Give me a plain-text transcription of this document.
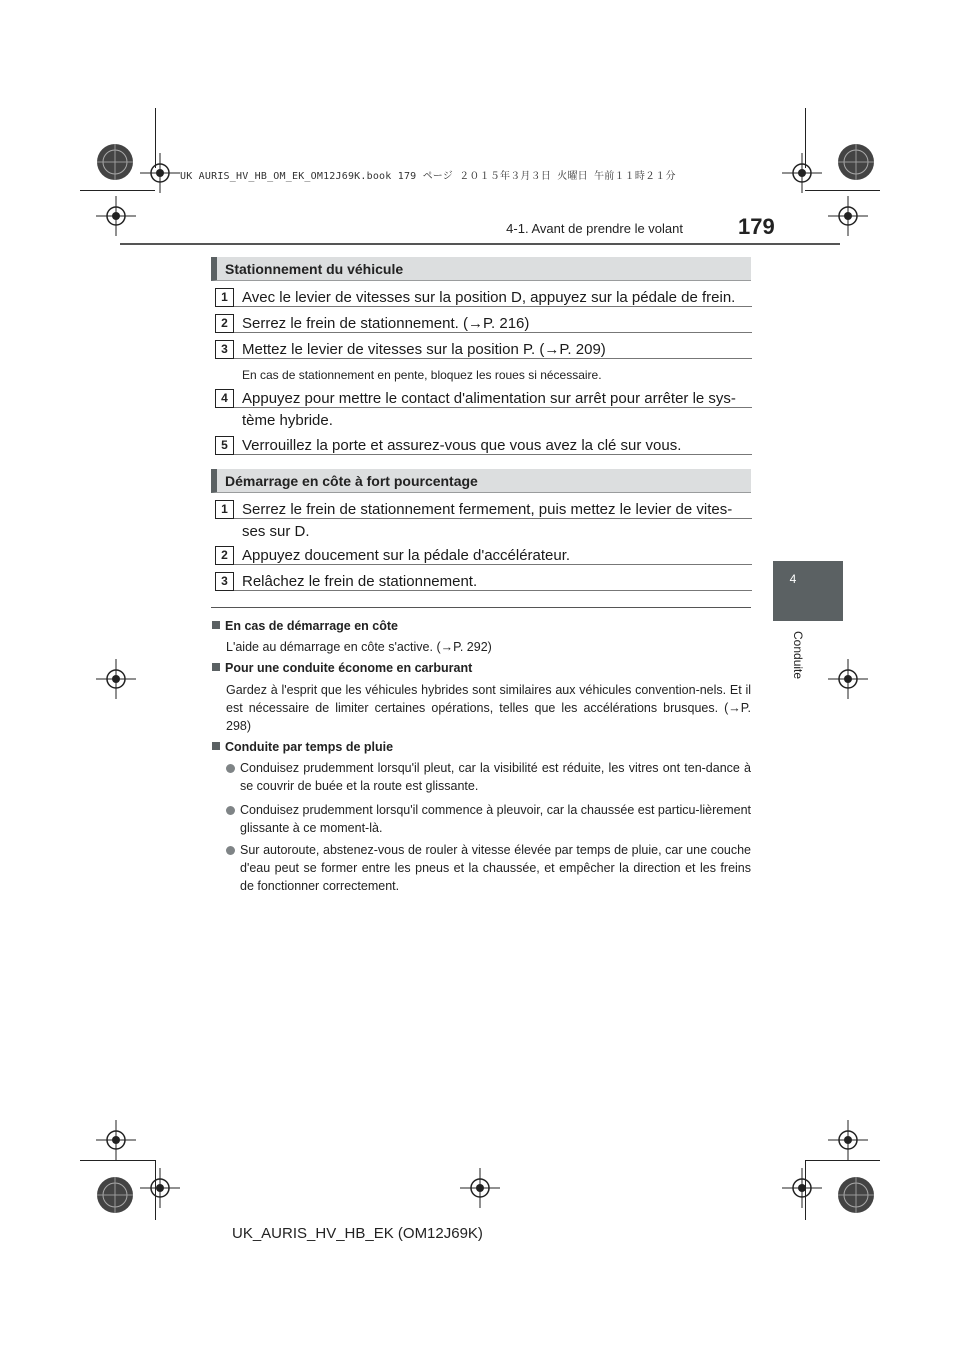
UK AURIS_HV_HB_OM_EK_OM12J69K.book 179 ページ ２０１５年３月３日 火曜日 午前１１時２１分
4-1. Avant de prendre le volant	179
4
Conduite
Stationnement du véhicule
1 Avec le levier de vitesses sur la position D, appuyez sur la pédale de frein.
2 Serrez le frein de stationnement. (→P. 216)
3 Mettez le levier de vitesses sur la position P. (→P. 209)
En cas de stationnement en pente, bloquez les roues si nécessaire.
4 Appuyez pour mettre le contact d'alimentation sur arrêt pour arrêter le sys-tème hybride.
5 Verrouillez la porte et assurez-vous que vous avez la clé sur vous.
Démarrage en côte à fort pourcentage
1 Serrez le frein de stationnement fermement, puis mettez le levier de vites-ses sur D.
2 Appuyez doucement sur la pédale d'accélérateur.
3 Relâchez le frein de stationnement.
En cas de démarrage en côte
L'aide au démarrage en côte s'active. (→P. 292)
Pour une conduite économe en carburant
Gardez à l'esprit que les véhicules hybrides sont similaires aux véhicules convention-nels. Et il est nécessaire de limiter certaines opérations, telles que les accélérations brusques. (→P. 298)
Conduite par temps de pluie
Conduisez prudemment lorsqu'il pleut, car la visibilité est réduite, les vitres ont ten-dance à se couvrir de buée et la route est glissante.
Conduisez prudemment lorsqu'il commence à pleuvoir, car la chaussée est particu-lièrement glissante à ce moment-là.
Sur autoroute, abstenez-vous de rouler à vitesse élevée par temps de pluie, car une couche d'eau peut se former entre les pneus et la chaussée, et empêcher la direction et les freins de fonctionner correctement.
UK_AURIS_HV_HB_EK (OM12J69K)
